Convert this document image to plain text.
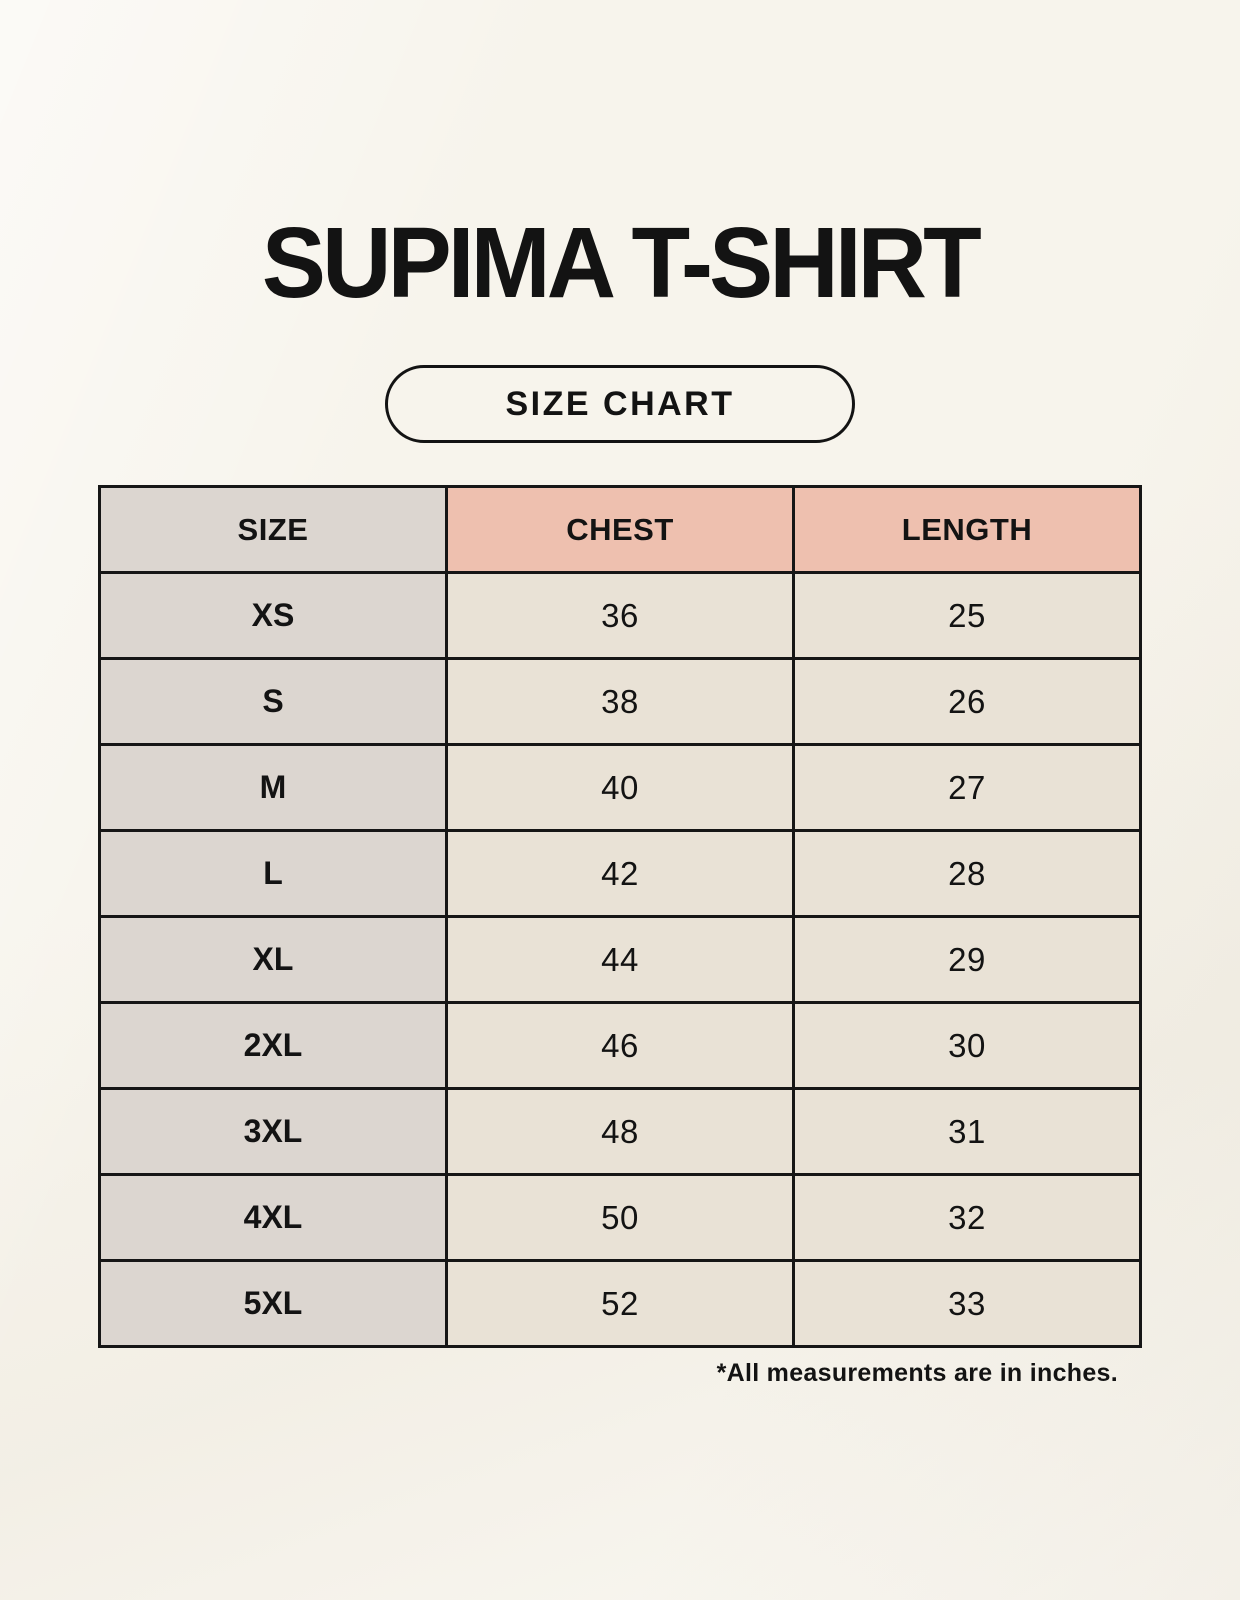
SUPIMA T-SHIRT
SIZE CHART
SIZE	CHEST	LENGTH
XS	36	25
S	38	26
M	40	27
L	42	28
XL	44	29
2XL	46	30
3XL	48	31
4XL	50	32
5XL	52	33
*All measurements are in inches.
